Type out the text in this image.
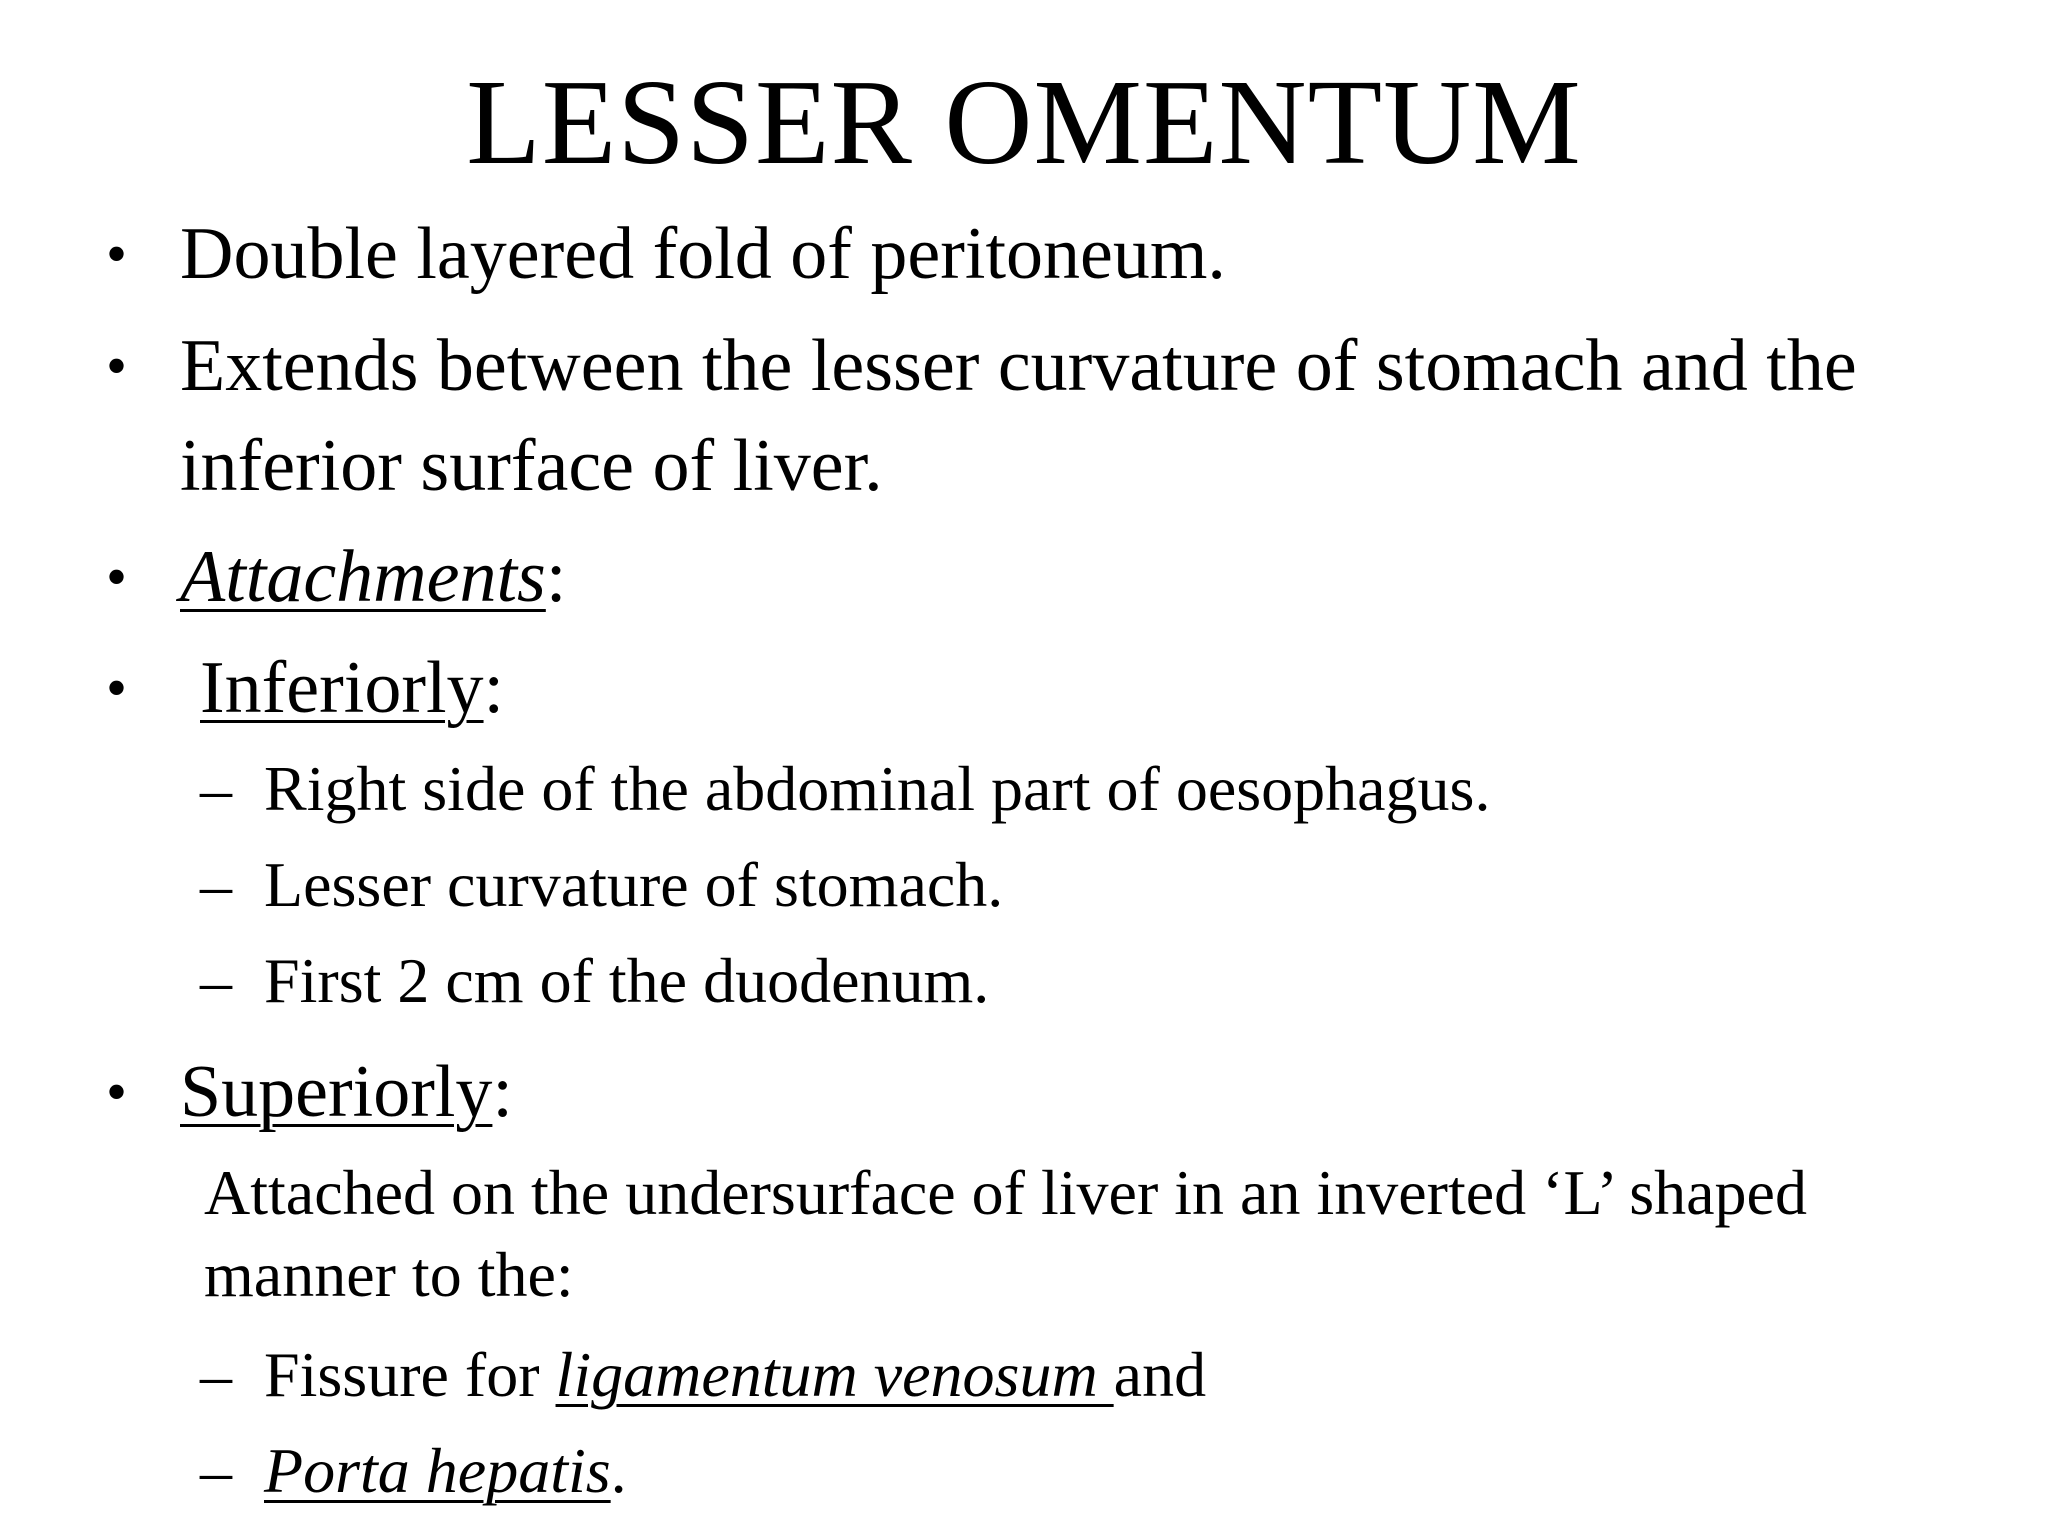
LESSER OMENTUM
• Double layered fold of peritoneum.
• Extends between the lesser curvature of stomach and the
inferior surface of liver.
• Attachments:
• Inferiorly:
– Right side of the abdominal part of oesophagus.
– Lesser curvature of stomach.
– First 2 cm of the duodenum.
• Superiorly:
Attached on the undersurface of liver in an inverted ‘L’ shaped
manner to the:
– Fissure for ligamentum venosum and
– Porta hepatis.
